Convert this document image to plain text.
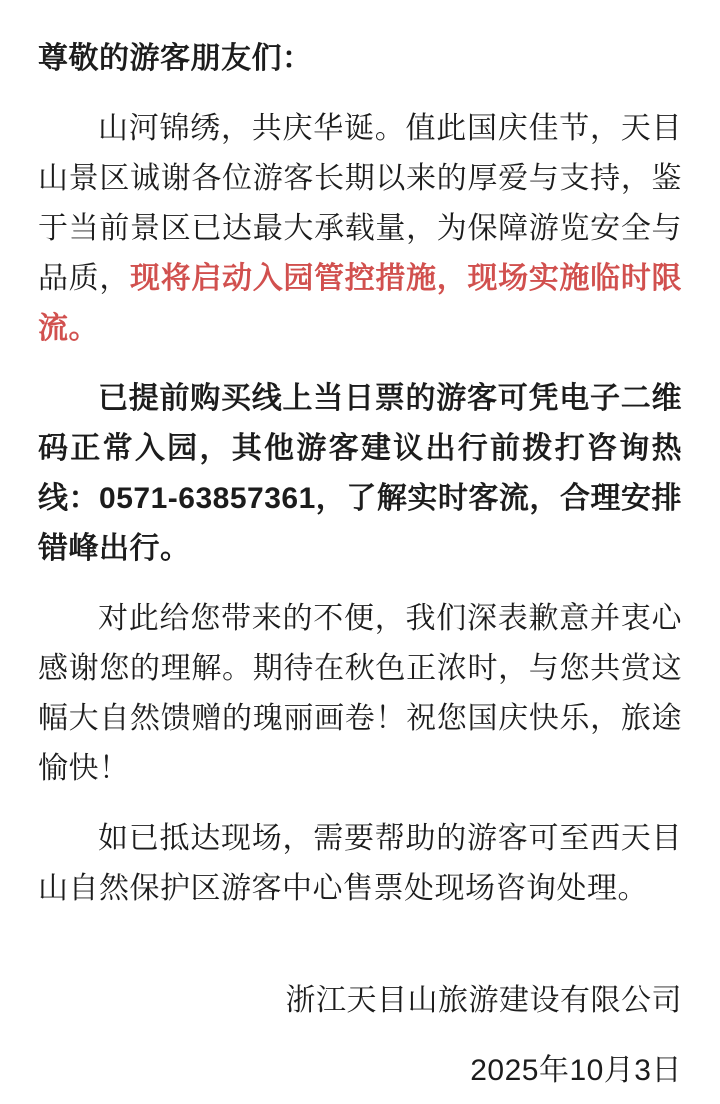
尊敬的游客朋友们：

山河锦绣，共庆华诞。值此国庆佳节，天目山景区诚谢各位游客长期以来的厚爱与支持，鉴于当前景区已达最大承载量，为保障游览安全与品质，现将启动入园管控措施，现场实施临时限流。

已提前购买线上当日票的游客可凭电子二维码正常入园，其他游客建议出行前拨打咨询热线：0571-63857361，了解实时客流，合理安排错峰出行。

对此给您带来的不便，我们深表歉意并衷心感谢您的理解。期待在秋色正浓时，与您共赏这幅大自然馈赠的瑰丽画卷！祝您国庆快乐，旅途愉快！

如已抵达现场，需要帮助的游客可至西天目山自然保护区游客中心售票处现场咨询处理。

浙江天目山旅游建设有限公司
2025年10月3日
